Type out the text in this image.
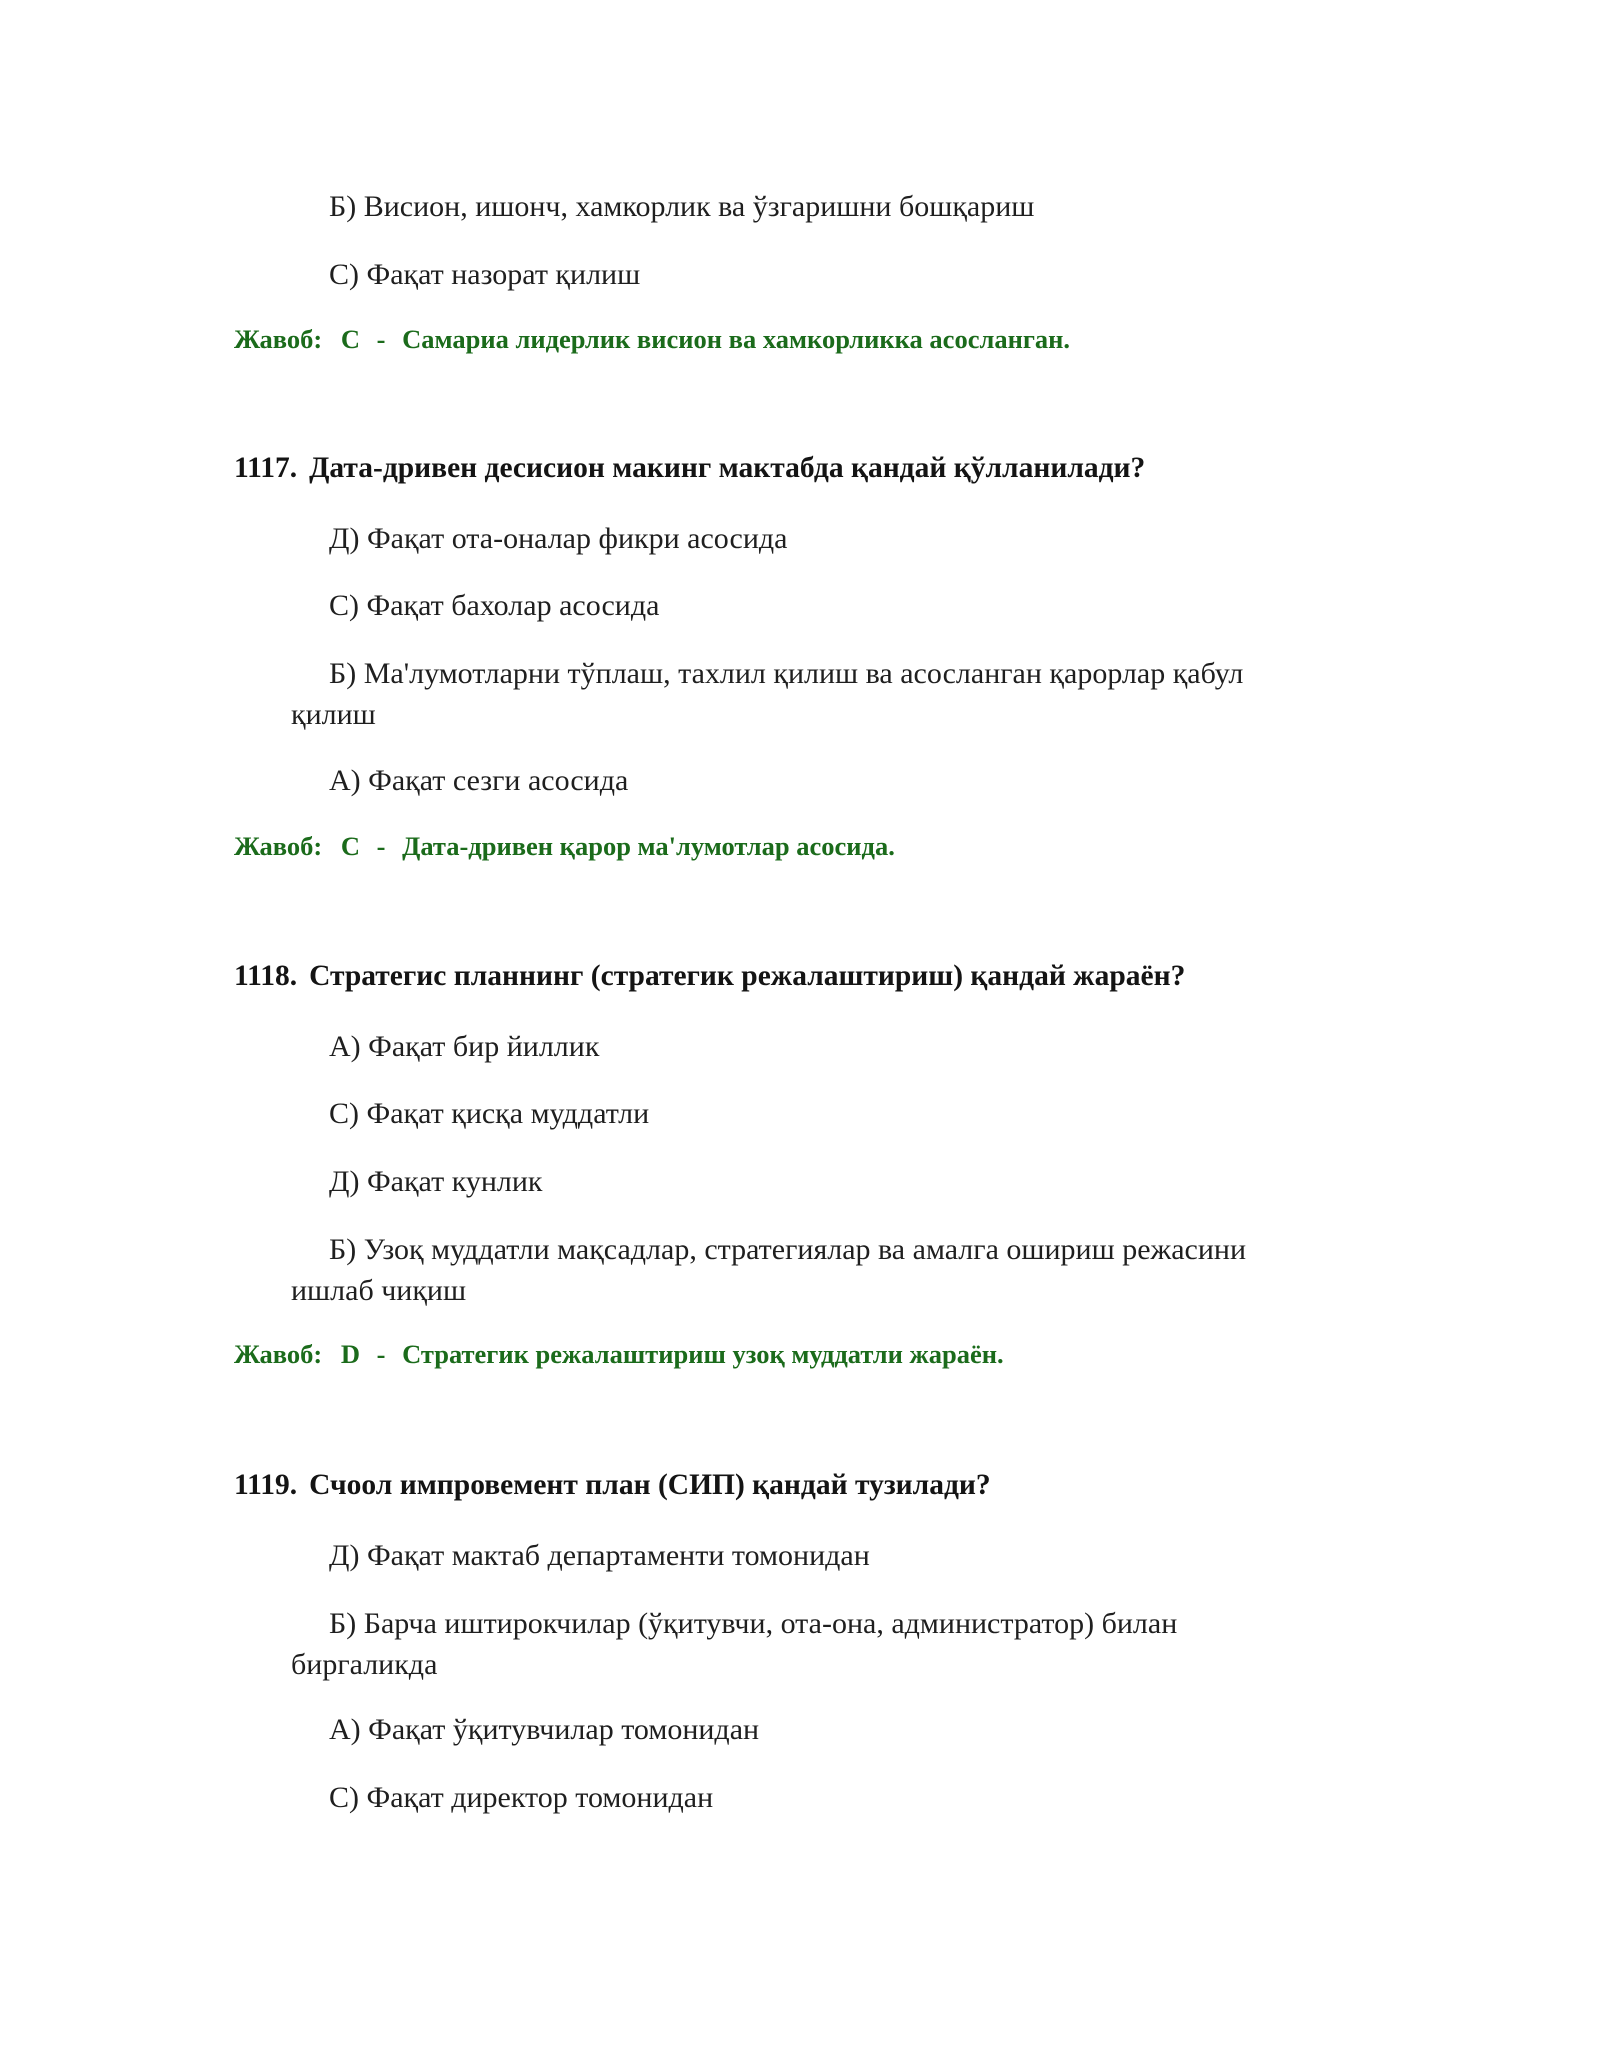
Б) Висион, ишонч, хамкорлик ва ўзгаришни бошқариш
С) Фақат назорат қилиш
Жавоб: C - Самариа лидерлик висион ва хамкорликка асосланган.
1117. Дата-дривен десисион макинг мактабда қандай қўлланилади?
Д) Фақат ота-оналар фикри асосида
С) Фақат бахолар асосида
Б) Ма'лумотларни тўплаш, тахлил қилиш ва асосланган қарорлар қабул қилиш
А) Фақат сезги асосида
Жавоб: C - Дата-дривен қарор ма'лумотлар асосида.
1118. Стратегис планнинг (стратегик режалаштириш) қандай жараён?
А) Фақат бир йиллик
С) Фақат қисқа муддатли
Д) Фақат кунлик
Б) Узоқ муддатли мақсадлар, стратегиялар ва амалга ошириш режасини ишлаб чиқиш
Жавоб: D - Стратегик режалаштириш узоқ муддатли жараён.
1119. Счоол импровемент план (СИП) қандай тузилади?
Д) Фақат мактаб департаменти томонидан
Б) Барча иштирокчилар (ўқитувчи, ота-она, администратор) билан биргаликда
А) Фақат ўқитувчилар томонидан
С) Фақат директор томонидан
